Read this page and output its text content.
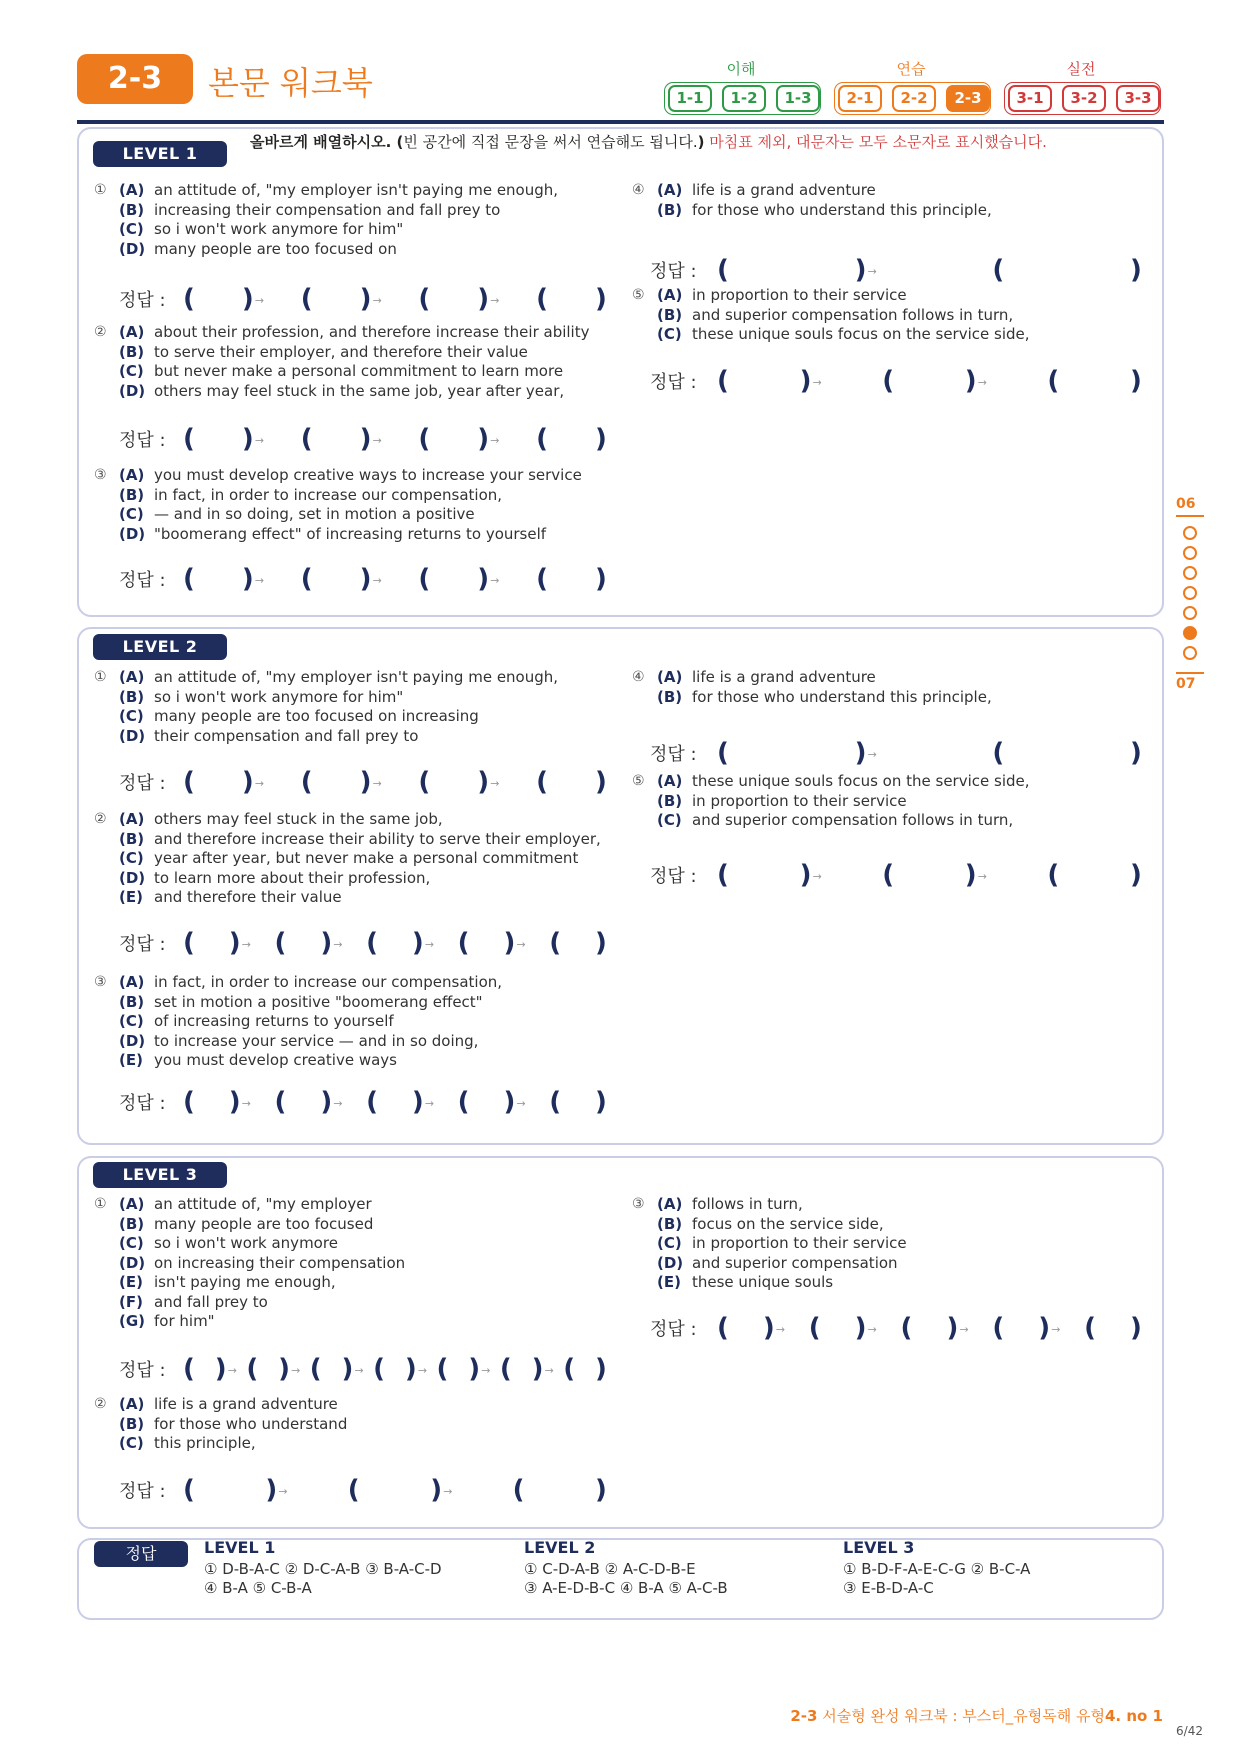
2-3	본문 워크북	이해	연습	실전
1-1	1-2	1-3	2-1	2-2	2-3	3-1	3-2	3-3
LEVEL 1
올바르게 배열하시오. (빈 공간에 직접 문장을 써서 연습해도 됩니다.) 마침표 제외, 대문자는 모두 소문자로 표시했습니다.
LEVEL 2
LEVEL 3
① (A) an attitude of, "my employer isn't paying me enough,
(B) increasing their compensation and fall prey to
(C) so i won't work anymore for him"
(D) many people are too focused on
② (A) about their profession, and therefore increase their ability
(B) to serve their employer, and therefore their value
(C) but never make a personal commitment to learn more
(D) others may feel stuck in the same job, year after year,
③ (A) you must develop creative ways to increase your service
(B) in fact, in order to increase our compensation,
(C) — and in so doing, set in motion a positive
(D) "boomerang effect" of increasing returns to yourself
④ (A) life is a grand adventure
(B) for those who understand this principle,
⑤ (A) in proportion to their service
(B) and superior compensation follows in turn,
(C) these unique souls focus on the service side,
① (A) an attitude of, "my employer isn't paying me enough,
(B) so i won't work anymore for him"
(C) many people are too focused on increasing
(D) their compensation and fall prey to
② (A) others may feel stuck in the same job,
(B) and therefore increase their ability to serve their employer,
(C) year after year, but never make a personal commitment
(D) to learn more about their profession,
(E) and therefore their value
③ (A) in fact, in order to increase our compensation,
(B) set in motion a positive "boomerang effect"
(C) of increasing returns to yourself
(D) to increase your service — and in so doing,
(E) you must develop creative ways
④ (A) life is a grand adventure
(B) for those who understand this principle,
⑤ (A) these unique souls focus on the service side,
(B) in proportion to their service
(C) and superior compensation follows in turn,
① (A) an attitude of, "my employer
(B) many people are too focused
(C) so i won't work anymore
(D) on increasing their compensation
(E) isn't paying me enough,
(F) and fall prey to
(G) for him"
② (A) life is a grand adventure
(B) for those who understand
(C) this principle,
③ (A) follows in turn,
(B) focus on the service side,
(C) in proportion to their service
(D) and superior compensation
(E) these unique souls
정답 : ( ) → ( ) → ( ) → ( )
정답 : ( ) → ( ) → ( ) → ( )
정답 : ( ) → ( ) → ( ) → ( )
정답 : (	) →	(	)
정답 : (	) → (	) → (	)
정답 : ( ) → ( ) → ( ) → ( )
정답 : ( ) → ( ) → ( ) → ( ) → ( )
정답 : ( ) → ( ) → ( ) → ( ) → ( )
정답 : (	) →	(	)
정답 : (	) → (	) → (	)
정답 : ( ) → ( ) → ( ) → ( ) → ( ) → ( ) → ( )
정답 : (	) → (	) → (	)
정답 : ( ) → ( ) → ( ) → ( ) → ( )
정답	LEVEL 1
① D-B-A-C ② D-C-A-B ③ B-A-C-D
④ B-A ⑤ C-B-A
LEVEL 2
① C-D-A-B ② A-C-D-B-E
③ A-E-D-B-C ④ B-A ⑤ A-C-B
LEVEL 3
① B-D-F-A-E-C-G ② B-C-A
③ E-B-D-A-C
06
07
2-3 서술형 완성 워크북 : 부스터_유형독해 유형4. no 1
6/42
